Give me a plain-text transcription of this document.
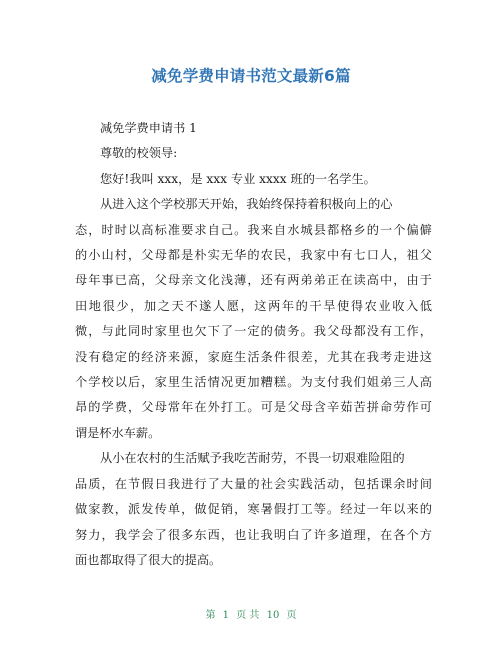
减免学费申请书范文最新6篇
减免学费申请书 1
尊敬的校领导:
您好!我叫 xxx，是 xxx 专业 xxxx 班的一名学生。
从进入这个学校那天开始，我始终保持着积极向上的心
态，时时以高标准要求自己。我来自水城县都格乡的一个偏僻
的小山村，父母都是朴实无华的农民，我家中有七口人，祖父
母年事已高，父母亲文化浅薄，还有两弟弟正在读高中，由于
田地很少，加之天不遂人愿，这两年的干旱使得农业收入低
微，与此同时家里也欠下了一定的债务。我父母都没有工作，
没有稳定的经济来源，家庭生活条件很差，尤其在我考走进这
个学校以后，家里生活情况更加糟糕。为支付我们姐弟三人高
昂的学费，父母常年在外打工。可是父母含辛茹苦拼命劳作可
谓是杯水车薪。
从小在农村的生活赋予我吃苦耐劳，不畏一切艰难险阻的
品质，在节假日我进行了大量的社会实践活动，包括课余时间
做家教，派发传单，做促销，寒暑假打工等。经过一年以来的
努力，我学会了很多东西，也让我明白了许多道理，在各个方
面也都取得了很大的提高。
第 1 页 共 10 页
